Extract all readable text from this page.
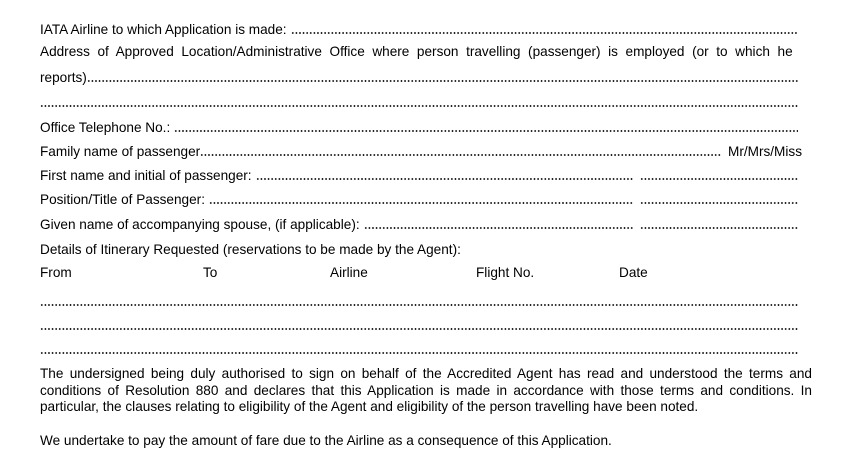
IATA Airline to which Application is made:
Address of Approved Location/Administrative Office where person travelling (passenger) is employed (or to which he
reports)
Office Telephone No.:
Family name of passenger	Mr/Mrs/Miss
First name and initial of passenger:
Position/Title of Passenger:
Given name of accompanying spouse, (if applicable):
Details of Itinerary Requested (reservations to be made by the Agent):
From	To	Airline	Flight No.	Date
The undersigned being duly authorised to sign on behalf of the Accredited Agent has read and understood the terms and conditions of Resolution 880 and declares that this Application is made in accordance with those terms and conditions. In particular, the clauses relating to eligibility of the Agent and eligibility of the person travelling have been noted.
We undertake to pay the amount of fare due to the Airline as a consequence of this Application.
